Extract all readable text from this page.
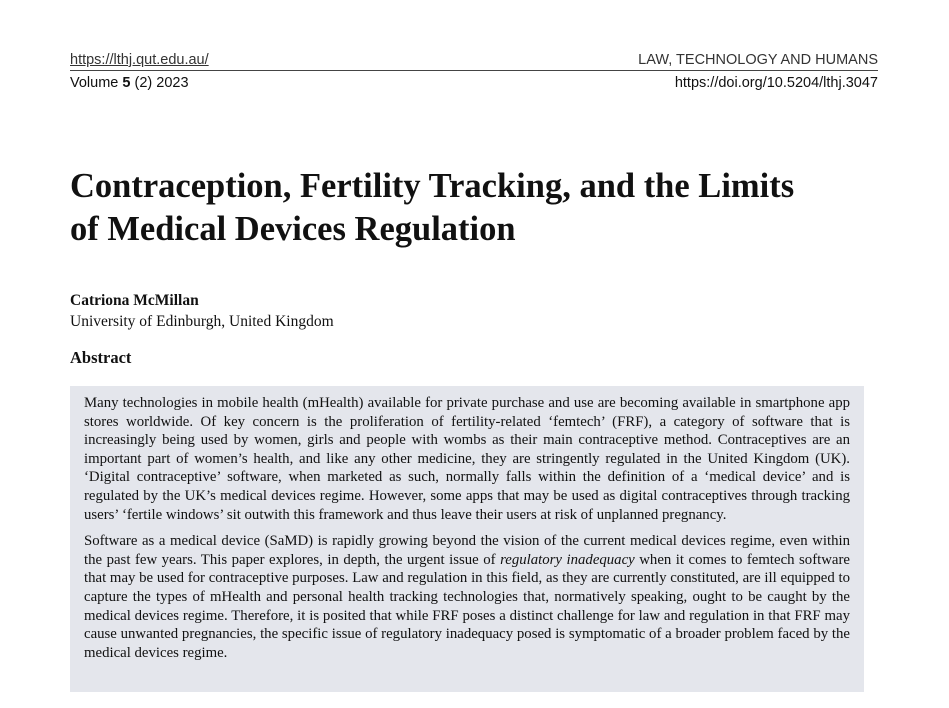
https://lthj.qut.edu.au/	LAW, TECHNOLOGY AND HUMANS
Volume 5 (2) 2023	https://doi.org/10.5204/lthj.3047
Contraception, Fertility Tracking, and the Limits
of Medical Devices Regulation
Catriona McMillan
University of Edinburgh, United Kingdom
Abstract

Many technologies in mobile health (mHealth) available for private purchase and use are becoming available in smartphone app stores worldwide. Of key concern is the proliferation of fertility-related ‘femtech’ (FRF), a category of software that is increasingly being used by women, girls and people with wombs as their main contraceptive method. Contraceptives are an important part of women’s health, and like any other medicine, they are stringently regulated in the United Kingdom (UK). ‘Digital contraceptive’ software, when marketed as such, normally falls within the definition of a ‘medical device’ and is regulated by the UK’s medical devices regime. However, some apps that may be used as digital contraceptives through tracking users’ ‘fertile windows’ sit outwith this framework and thus leave their users at risk of unplanned pregnancy.

Software as a medical device (SaMD) is rapidly growing beyond the vision of the current medical devices regime, even within the past few years. This paper explores, in depth, the urgent issue of regulatory inadequacy when it comes to femtech software that may be used for contraceptive purposes. Law and regulation in this field, as they are currently constituted, are ill equipped to capture the types of mHealth and personal health tracking technologies that, normatively speaking, ought to be caught by the medical devices regime. Therefore, it is posited that while FRF poses a distinct challenge for law and regulation in that FRF may cause unwanted pregnancies, the specific issue of regulatory inadequacy posed is symptomatic of a broader problem faced by the medical devices regime.
